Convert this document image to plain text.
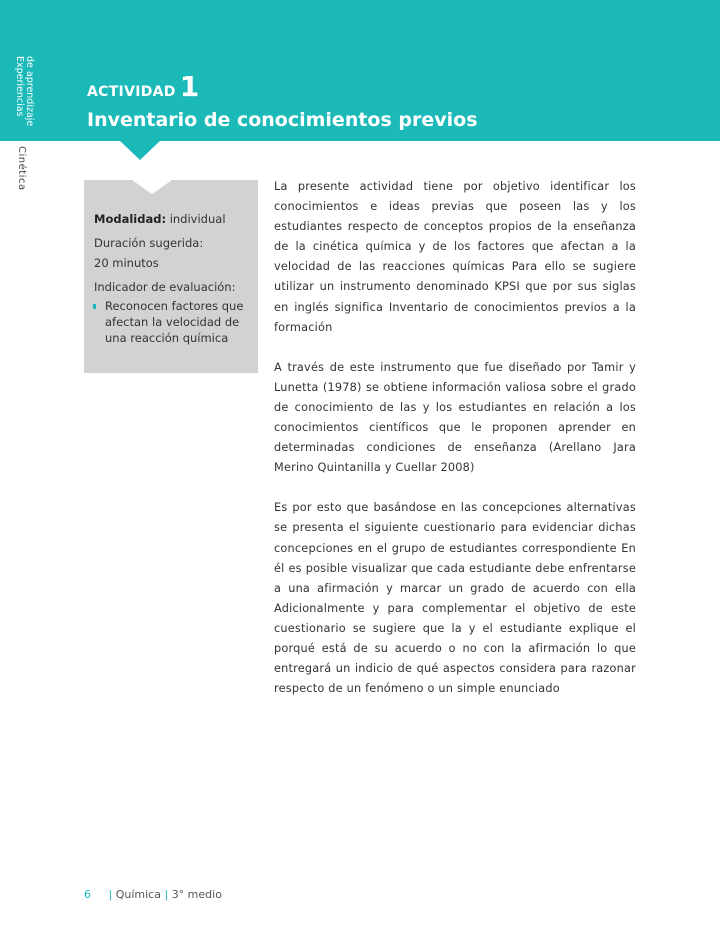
de aprendizaje
Experiencias
Cinética
ACTIVIDAD 1
Inventario de conocimientos previos
Modalidad: individual
Duración sugerida:
20 minutos
Indicador de evaluación:
Reconocen factores que afectan la velocidad de una reacción química

La presente actividad tiene por objetivo identificar los conocimientos e ideas previas que poseen las y los estudiantes respecto de conceptos propios de la enseñanza de la cinética química y de los factores que afectan a la velocidad de las reacciones químicas Para ello se sugiere utilizar un instrumento denominado KPSI que por sus siglas en inglés significa Inventario de conocimientos previos a la formación

A través de este instrumento que fue diseñado por Tamir y Lunetta (1978) se obtiene información valiosa sobre el grado de conocimiento de las y los estudiantes en relación a los conocimientos científicos que le proponen aprender en determinadas condiciones de enseñanza (Arellano Jara Merino Quintanilla y Cuellar 2008)

Es por esto que basándose en las concepciones alternativas se presenta el siguiente cuestionario para evidenciar dichas concepciones en el grupo de estudiantes correspondiente En él es posible visualizar que cada estudiante debe enfrentarse a una afirmación y marcar un grado de acuerdo con ella Adicionalmente y para complementar el objetivo de este cuestionario se sugiere que la y el estudiante explique el porqué está de su acuerdo o no con la afirmación lo que entregará un indicio de qué aspectos considera para razonar respecto de un fenómeno o un simple enunciado

6 | Química | 3° medio
